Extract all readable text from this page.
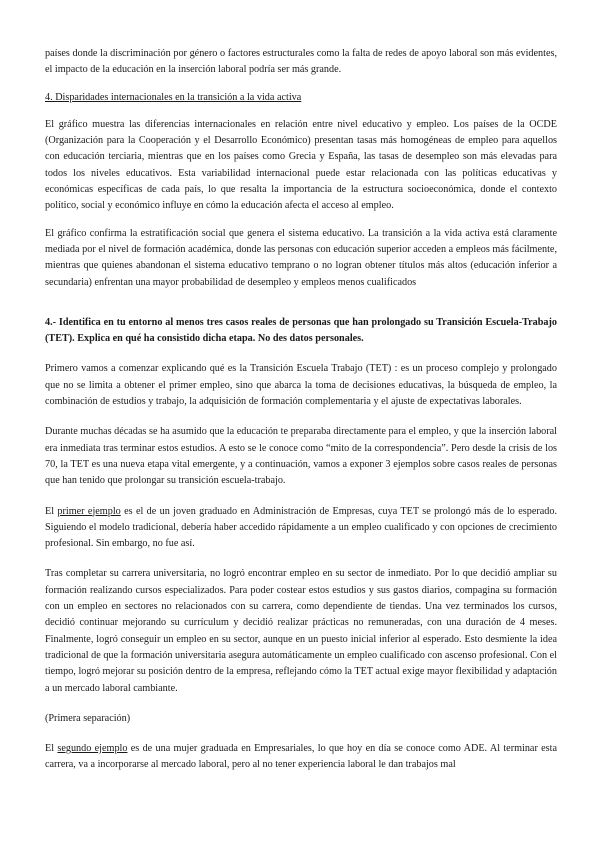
países donde la discriminación por género o factores estructurales como la falta de redes de apoyo laboral son más evidentes, el impacto de la educación en la inserción laboral podría ser más grande.

4. Disparidades internacionales en la transición a la vida activa

El gráfico muestra las diferencias internacionales en relación entre nivel educativo y empleo. Los países de la OCDE (Organización para la Cooperación y el Desarrollo Económico) presentan tasas más homogéneas de empleo para aquellos con educación terciaria, mientras que en los países como Grecia y España, las tasas de desempleo son más elevadas para todos los niveles educativos. Esta variabilidad internacional puede estar relacionada con las políticas educativas y económicas específicas de cada país, lo que resalta la importancia de la estructura socioeconómica, donde el contexto político, social y económico influye en cómo la educación afecta el acceso al empleo.

El gráfico confirma la estratificación social que genera el sistema educativo. La transición a la vida activa está claramente mediada por el nivel de formación académica, donde las personas con educación superior acceden a empleos más fácilmente, mientras que quienes abandonan el sistema educativo temprano o no logran obtener títulos más altos (educación inferior a secundaria) enfrentan una mayor probabilidad de desempleo y empleos menos cualificados

4.- Identifica en tu entorno al menos tres casos reales de personas que han prolongado su Transición Escuela-Trabajo (TET). Explica en qué ha consistido dicha etapa. No des datos personales.

Primero vamos a comenzar explicando qué es la Transición Escuela Trabajo (TET) : es un proceso complejo y prolongado que no se limita a obtener el primer empleo, sino que abarca la toma de decisiones educativas, la búsqueda de empleo, la combinación de estudios y trabajo, la adquisición de formación complementaria y el ajuste de expectativas laborales.

Durante muchas décadas se ha asumido que la educación te preparaba directamente para el empleo, y que la inserción laboral era inmediata tras terminar estos estudios. A esto se le conoce como “mito de la correspondencia”. Pero desde la crisis de los 70, la TET es una nueva etapa vital emergente, y a continuación, vamos a exponer 3 ejemplos sobre casos reales de personas que han tenido que prolongar su transición escuela-trabajo.

El primer ejemplo es el de un joven graduado en Administración de Empresas, cuya TET se prolongó más de lo esperado. Siguiendo el modelo tradicional, debería haber accedido rápidamente a un empleo cualificado y con opciones de crecimiento profesional. Sin embargo, no fue así.

Tras completar su carrera universitaria, no logró encontrar empleo en su sector de inmediato. Por lo que decidió ampliar su formación realizando cursos especializados. Para poder costear estos estudios y sus gastos diarios, compagina su formación con un empleo en sectores no relacionados con su carrera, como dependiente de tiendas. Una vez terminados los cursos, decidió continuar mejorando su currículum y decidió realizar prácticas no remuneradas, con una duración de 4 meses. Finalmente, logró conseguir un empleo en su sector, aunque en un puesto inicial inferior al esperado. Esto desmiente la idea tradicional de que la formación universitaria asegura automáticamente un empleo cualificado con ascenso profesional. Con el tiempo, logró mejorar su posición dentro de la empresa, reflejando cómo la TET actual exige mayor flexibilidad y adaptación a un mercado laboral cambiante.

(Primera separación)

El segundo ejemplo es de una mujer graduada en Empresariales, lo que hoy en día se conoce como ADE. Al terminar esta carrera, va a incorporarse al mercado laboral, pero al no tener experiencia laboral le dan trabajos mal
